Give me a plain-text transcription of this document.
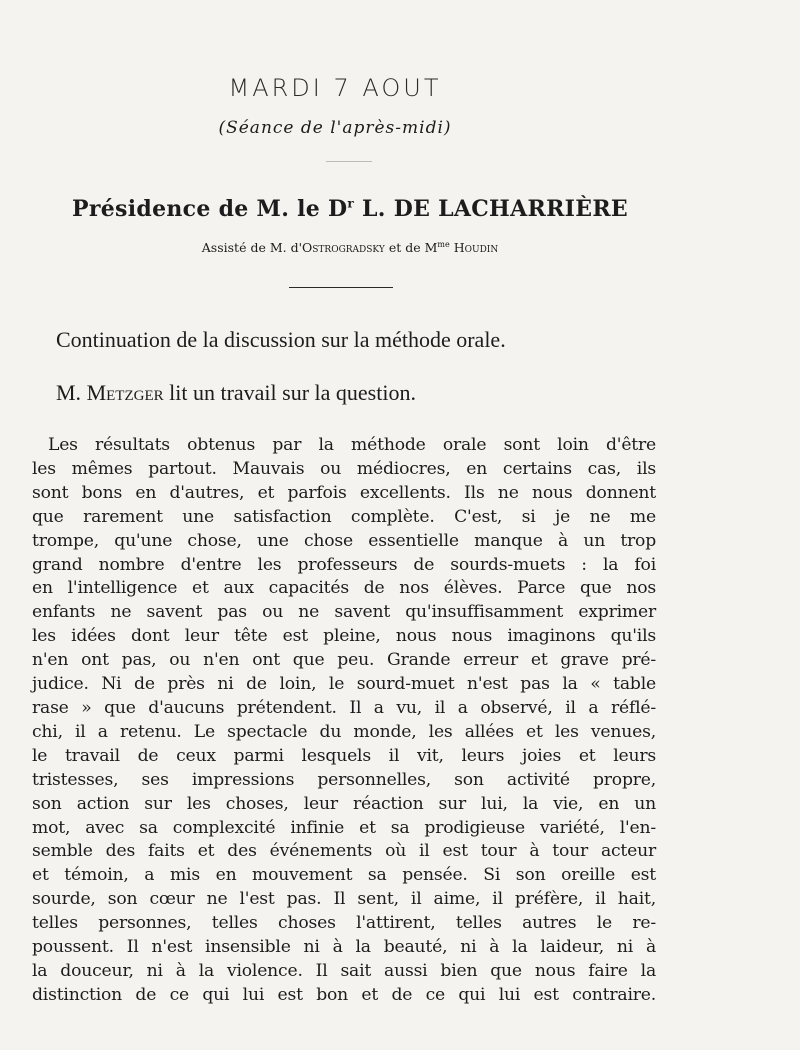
MARDI 7 AOUT
(Séance de l'après-midi)
Présidence de M. le $D^r$ L. DE LACHARRIÈRE
Assisté de M. d'Ostrogradsky et de $M^{me}$ Houdin
Continuation de la discussion sur la méthode orale.
M. Metzger lit un travail sur la question.
Les résultats obtenus par la méthode orale sont loin d'être
les mêmes partout. Mauvais ou médiocres, en certains cas, ils
sont bons en d'autres, et parfois excellents. Ils ne nous donnent
que rarement une satisfaction complète. C'est, si je ne me
trompe, qu'une chose, une chose essentielle manque à un trop
grand nombre d'entre les professeurs de sourds-muets : la foi
en l'intelligence et aux capacités de nos élèves. Parce que nos
enfants ne savent pas ou ne savent qu'insuffisamment exprimer
les idées dont leur tête est pleine, nous nous imaginons qu'ils
n'en ont pas, ou n'en ont que peu. Grande erreur et grave pré-
judice. Ni de près ni de loin, le sourd-muet n'est pas la « table
rase » que d'aucuns prétendent. Il a vu, il a observé, il a réflé-
chi, il a retenu. Le spectacle du monde, les allées et les venues,
le travail de ceux parmi lesquels il vit, leurs joies et leurs
tristesses, ses impressions personnelles, son activité propre,
son action sur les choses, leur réaction sur lui, la vie, en un
mot, avec sa complexcité infinie et sa prodigieuse variété, l'en-
semble des faits et des événements où il est tour à tour acteur
et témoin, a mis en mouvement sa pensée. Si son oreille est
sourde, son cœur ne l'est pas. Il sent, il aime, il préfère, il hait,
telles personnes, telles choses l'attirent, telles autres le re-
poussent. Il n'est insensible ni à la beauté, ni à la laideur, ni à
la douceur, ni à la violence. Il sait aussi bien que nous faire la
distinction de ce qui lui est bon et de ce qui lui est contraire.
